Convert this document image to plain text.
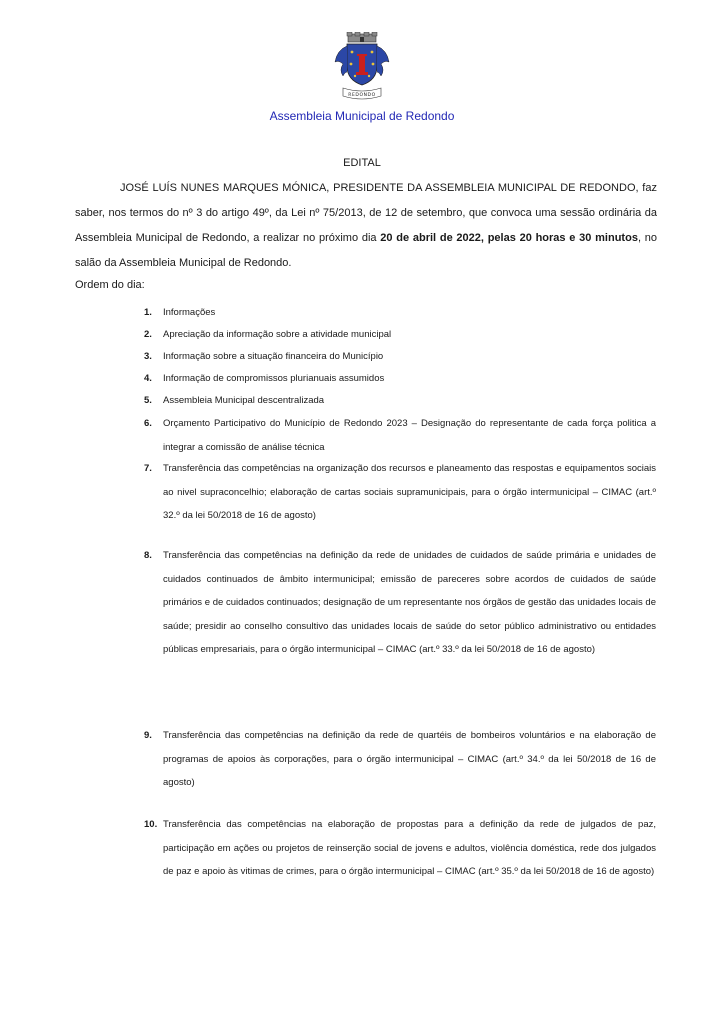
REDONDO
Assembleia Municipal de Redondo
EDITAL
JOSÉ LUÍS NUNES MARQUES MÓNICA, PRESIDENTE DA ASSEMBLEIA MUNICIPAL DE REDONDO, faz saber, nos termos do nº 3 do artigo 49º, da Lei nº 75/2013, de 12 de setembro, que convoca uma sessão ordinária da Assembleia Municipal de Redondo, a realizar no próximo dia 20 de abril de 2022, pelas 20 horas e 30 minutos, no salão da Assembleia Municipal de Redondo.
Ordem do dia:
1.	Informações
2.	Apreciação da informação sobre a atividade municipal
3.	Informação sobre a situação financeira do Município
4.	Informação de compromissos plurianuais assumidos
5.	Assembleia Municipal descentralizada
6.	Orçamento Participativo do Município de Redondo 2023 – Designação do representante de cada força politica a integrar a comissão de análise técnica
7.	Transferência das competências na organização dos recursos e planeamento das respostas e equipamentos sociais ao nivel supraconcelhio; elaboração de cartas sociais supramunicipais, para o órgão intermunicipal – CIMAC (art.º 32.º da lei 50/2018 de 16 de agosto)
8.	Transferência das competências na definição da rede de unidades de cuidados de saúde primária e unidades de cuidados continuados de âmbito intermunicipal; emissão de pareceres sobre acordos de cuidados de saúde primários e de cuidados continuados; designação de um representante nos órgãos de gestão das unidades locais de saúde; presidir ao conselho consultivo das unidades locais de saúde do setor público administrativo ou entidades públicas empresariais, para o órgão intermunicipal – CIMAC (art.º 33.º da lei 50/2018 de 16 de agosto)
9.	Transferência das competências na definição da rede de quartéis de bombeiros voluntários e na elaboração de programas de apoios às corporações, para o órgão intermunicipal – CIMAC (art.º 34.º da lei 50/2018 de 16 de agosto)
10. Transferência das competências na elaboração de propostas para a definição da rede de julgados de paz, participação em ações ou projetos de reinserção social de jovens e adultos, violência doméstica, rede dos julgados de paz e apoio às vitimas de crimes, para o órgão intermunicipal – CIMAC (art.º 35.º da lei 50/2018 de 16 de agosto)
